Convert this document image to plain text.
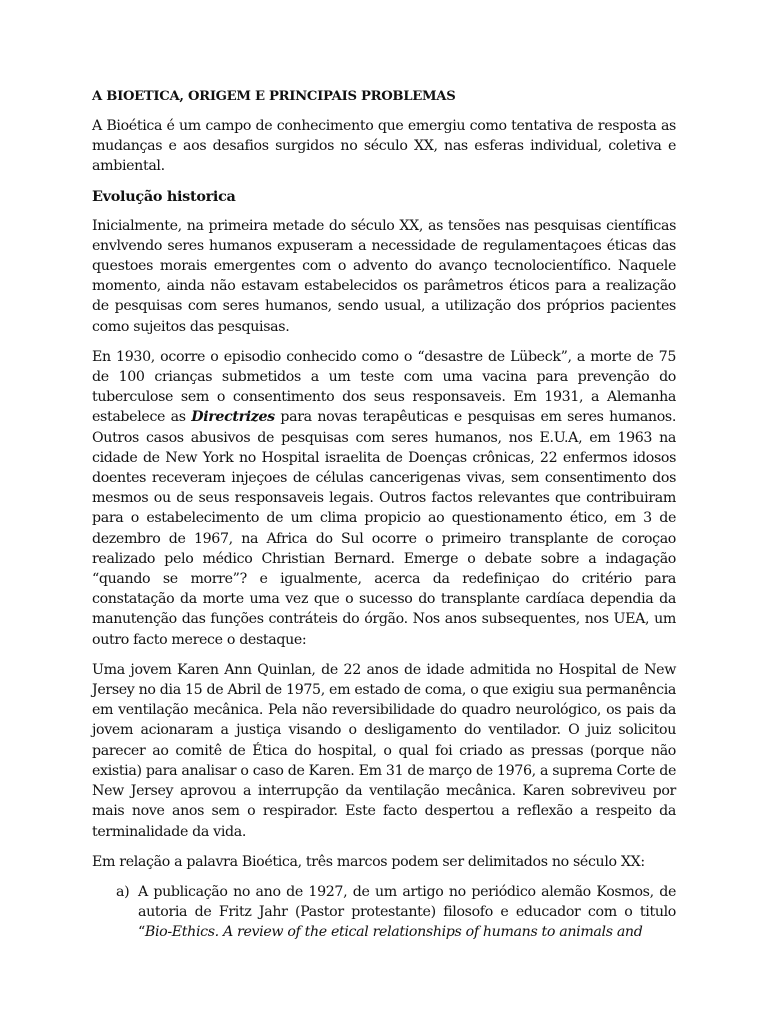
A BIOETICA, ORIGEM E PRINCIPAIS PROBLEMAS

A Bioética é um campo de conhecimento que emergiu como tentativa de resposta as mudanças e aos desafios surgidos no século XX, nas esferas individual, coletiva e ambiental.

Evolução historica

Inicialmente, na primeira metade do século XX, as tensões nas pesquisas científicas envlvendo seres humanos expuseram a necessidade de regulamentaçoes éticas das questoes morais emergentes com o advento do avanço tecnolocientífico. Naquele momento, ainda não estavam estabelecidos os parâmetros éticos para a realização de pesquisas com seres humanos, sendo usual, a utilização dos próprios pacientes como sujeitos das pesquisas.

En 1930, ocorre o episodio conhecido como o “desastre de Lübeck”, a morte de 75 de 100 crianças submetidos a um teste com uma vacina para prevenção do tuberculose sem o consentimento dos seus responsaveis. Em 1931, a Alemanha estabelece as Directrizes para novas terapêuticas e pesquisas em seres humanos. Outros casos abusivos de pesquisas com seres humanos, nos E.U.A, em 1963 na cidade de New York no Hospital israelita de Doenças crônicas, 22 enfermos idosos doentes receveram injeçoes de células cancerigenas vivas, sem consentimento dos mesmos ou de seus responsaveis legais. Outros factos relevantes que contribuiram para o estabelecimento de um clima propicio ao questionamento ético, em 3 de dezembro de 1967, na Africa do Sul ocorre o primeiro transplante de coroçao realizado pelo médico Christian Bernard. Emerge o debate sobre a indagação “quando se morre”? e igualmente, acerca da redefiniçao do critério para constatação da morte uma vez que o sucesso do transplante cardíaca dependia da manutenção das funções contráteis do órgão. Nos anos subsequentes, nos UEA, um outro facto merece o destaque:

Uma jovem Karen Ann Quinlan, de 22 anos de idade admitida no Hospital de New Jersey no dia 15 de Abril de 1975, em estado de coma, o que exigiu sua permanência em ventilação mecânica. Pela não reversibilidade do quadro neurológico, os pais da jovem acionaram a justiça visando o desligamento do ventilador. O juiz solicitou parecer ao comitê de Ética do hospital, o qual foi criado as pressas (porque não existia) para analisar o caso de Karen. Em 31 de março de 1976, a suprema Corte de New Jersey aprovou a interrupção da ventilação mecânica. Karen sobreviveu por mais nove anos sem o respirador. Este facto despertou a reflexão a respeito da terminalidade da vida.

Em relação a palavra Bioética, três marcos podem ser delimitados no século XX:

a) A publicação no ano de 1927, de um artigo no periódico alemão Kosmos, de autoria de Fritz Jahr (Pastor protestante) filosofo e educador com o titulo “Bio-Ethics. A review of the etical relationships of humans to animals and
